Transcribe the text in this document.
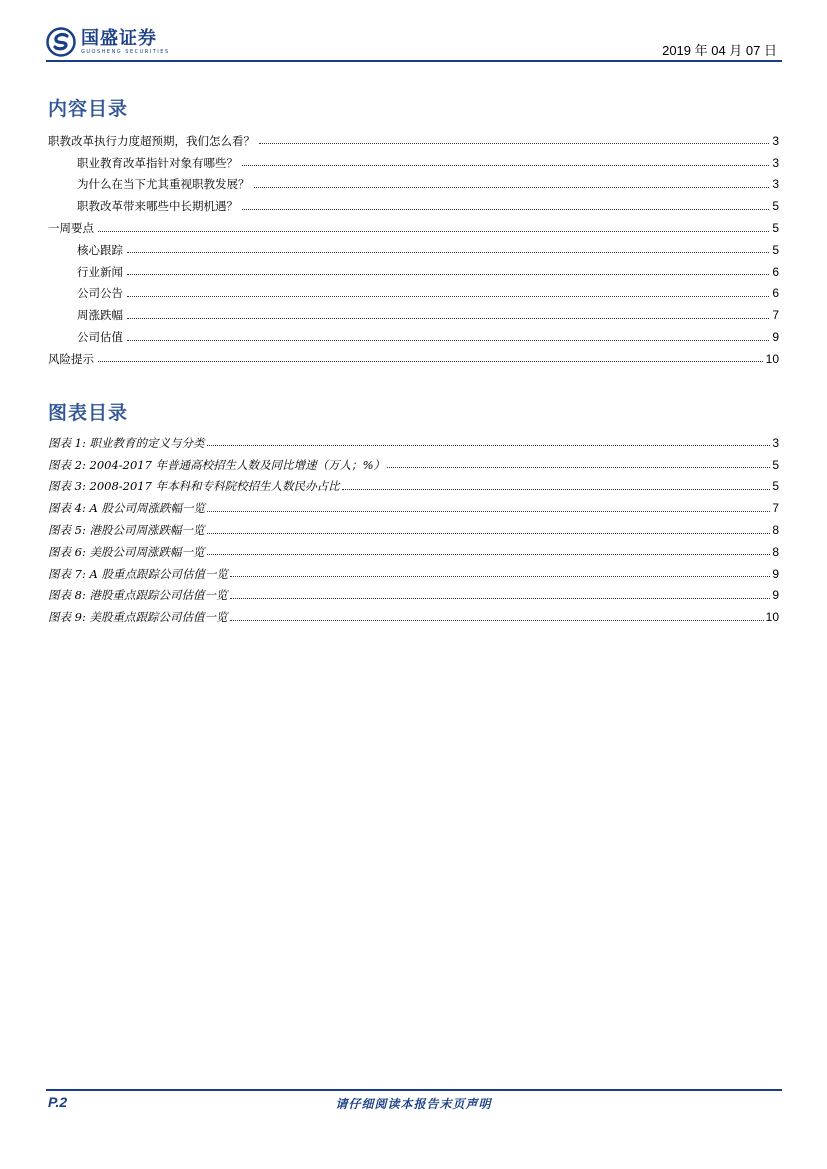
国盛证券
GUOSHENG SECURITIES	2019 年 04 月 07 日
内容目录
职教改革执行力度超预期，我们怎么看？	3
职业教育改革指针对象有哪些？	3
为什么在当下尤其重视职教发展？	3
职教改革带来哪些中长期机遇？	5
一周要点	5
核心跟踪	5
行业新闻	6
公司公告	6
周涨跌幅	7
公司估值	9
风险提示	10
图表目录
图表 1: 职业教育的定义与分类	3
图表 2: 2004-2017 年普通高校招生人数及同比增速（万人；%）	5
图表 3: 2008-2017 年本科和专科院校招生人数民办占比	5
图表 4: A 股公司周涨跌幅一览	7
图表 5: 港股公司周涨跌幅一览	8
图表 6: 美股公司周涨跌幅一览	8
图表 7: A 股重点跟踪公司估值一览	9
图表 8: 港股重点跟踪公司估值一览	9
图表 9: 美股重点跟踪公司估值一览	10
P.2	请仔细阅读本报告末页声明
